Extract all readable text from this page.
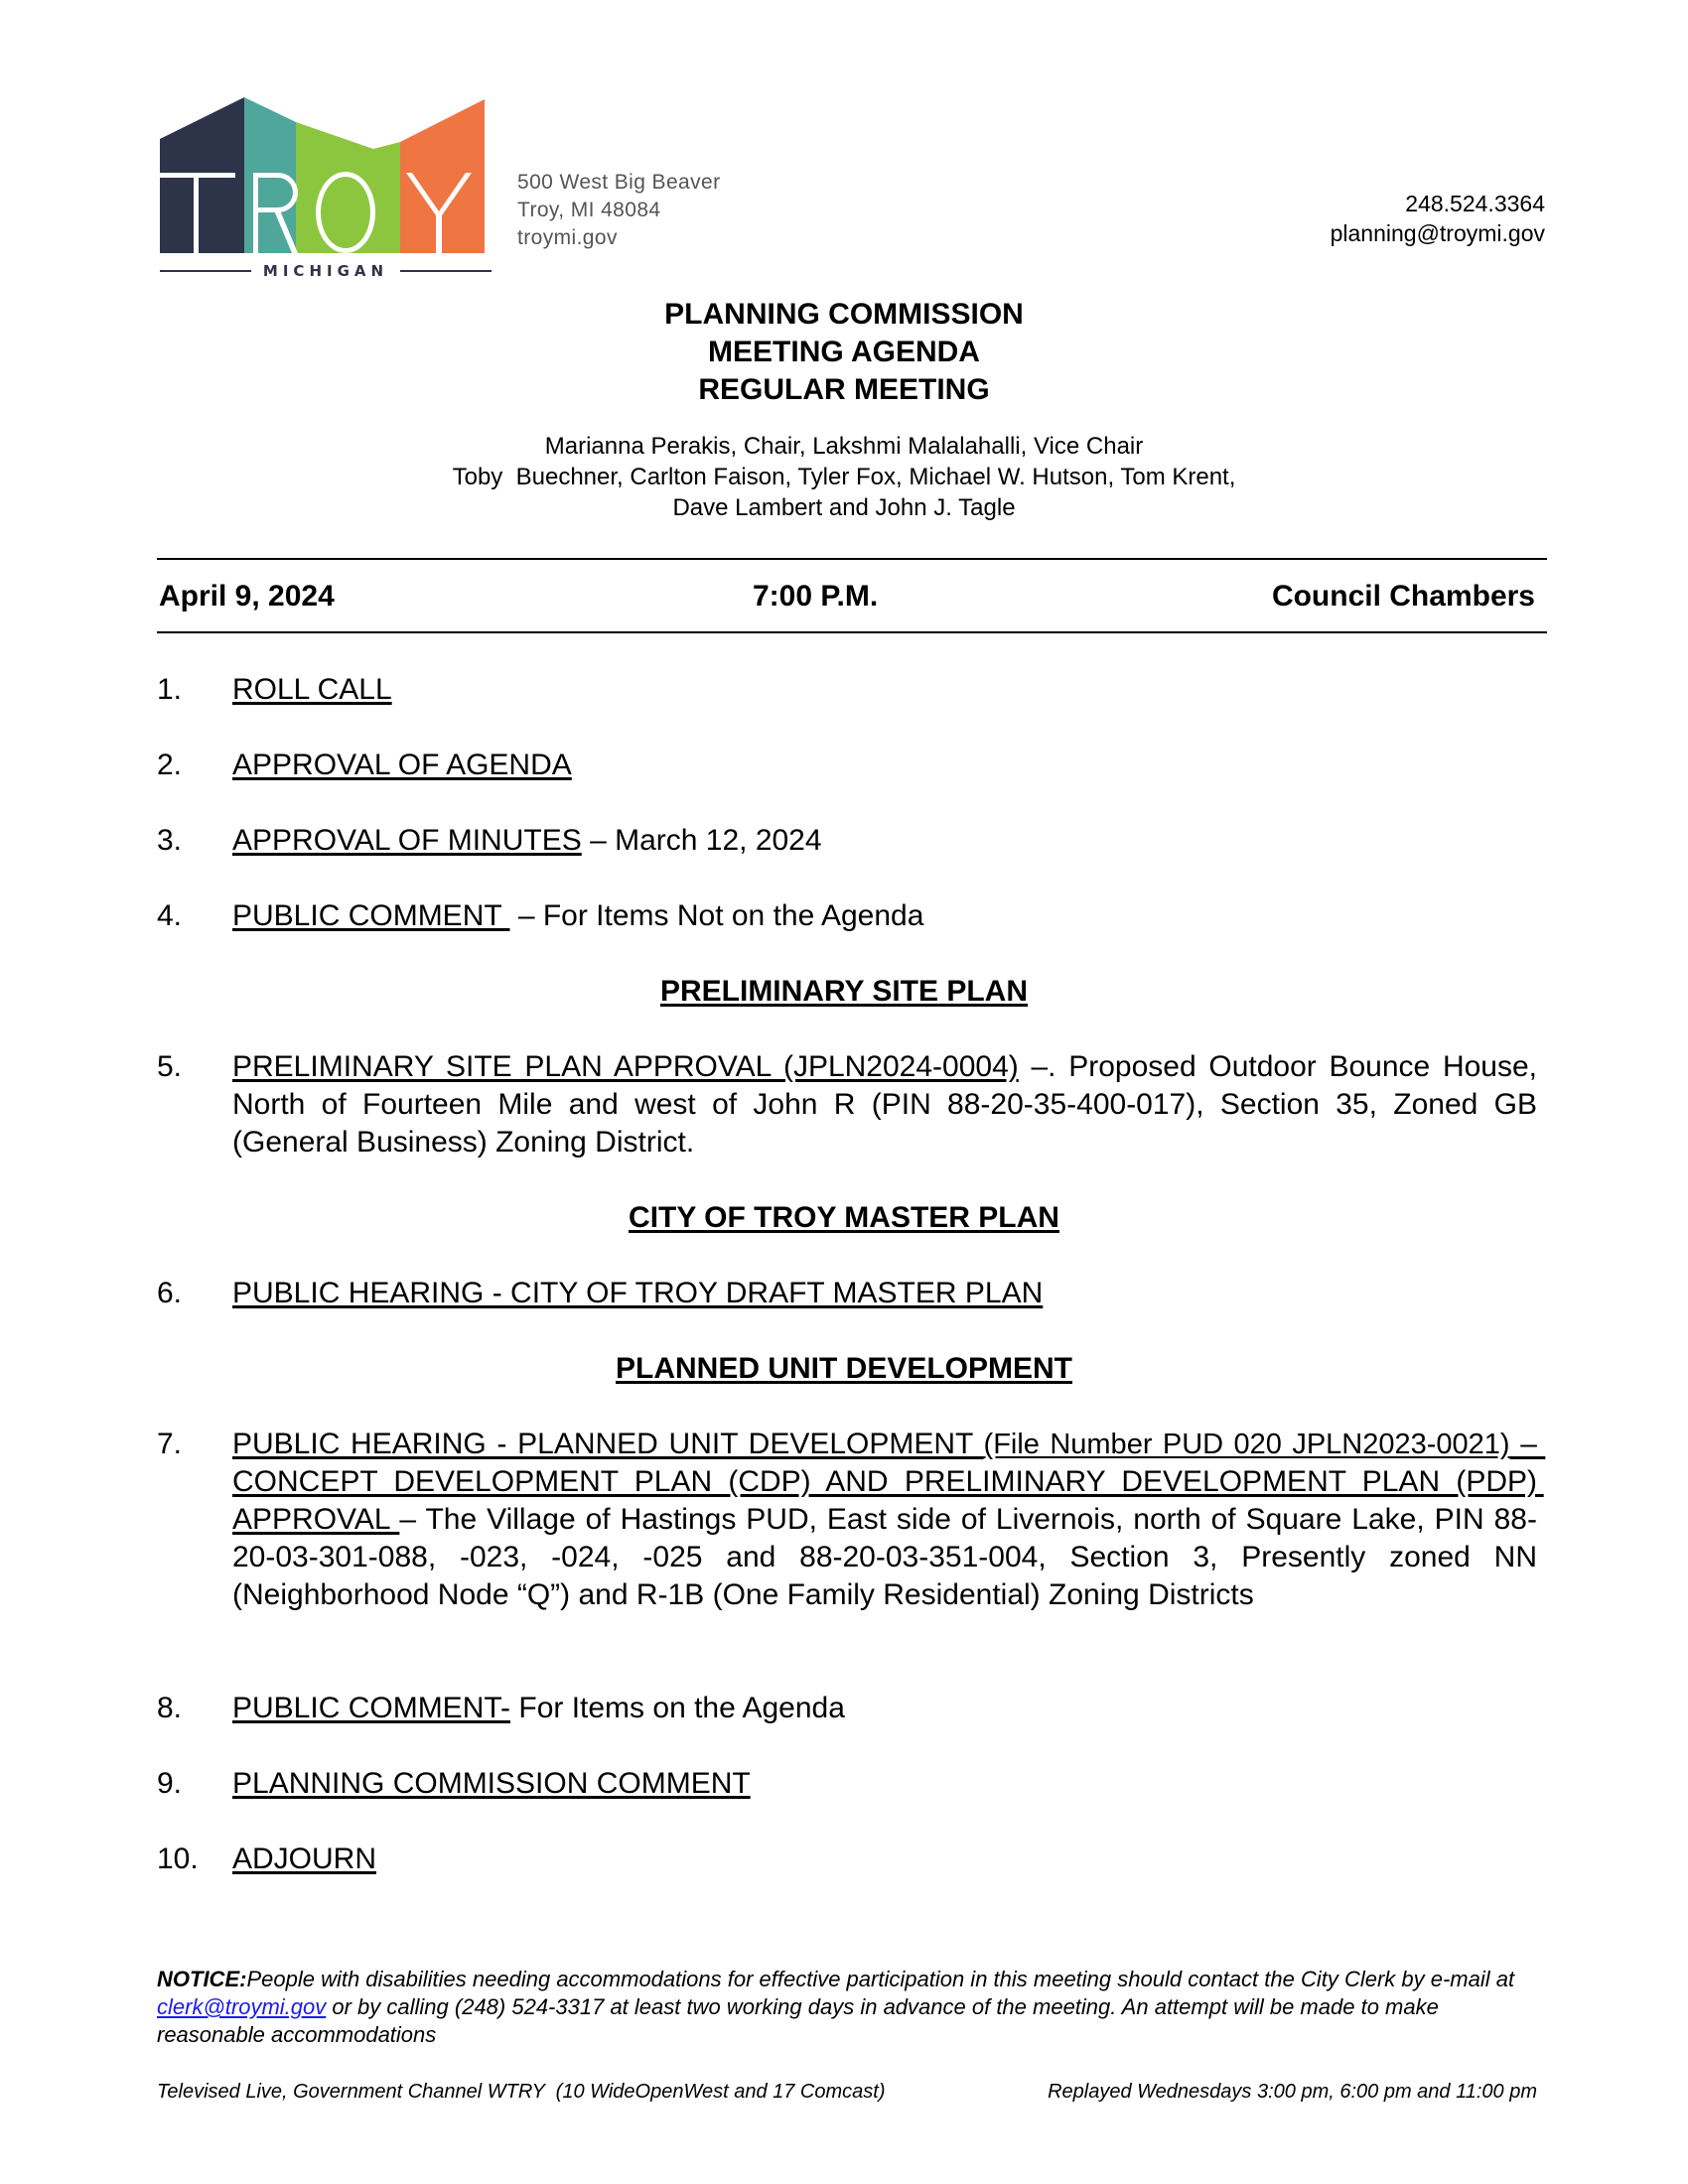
MICHIGAN
500 West Big Beaver
Troy, MI 48084
troymi.gov
248.524.3364
planning@troymi.gov
PLANNING COMMISSION
MEETING AGENDA
REGULAR MEETING
Marianna Perakis, Chair, Lakshmi Malalahalli, Vice Chair
Toby  Buechner, Carlton Faison, Tyler Fox, Michael W. Hutson, Tom Krent,
Dave Lambert and John J. Tagle
April 9, 2024	7:00 P.M.	Council Chambers
1. ROLL CALL
2. APPROVAL OF AGENDA
3. APPROVAL OF MINUTES – March 12, 2024
4. PUBLIC COMMENT  – For Items Not on the Agenda
PRELIMINARY SITE PLAN
5. PRELIMINARY SITE PLAN APPROVAL (JPLN2024-0004) –. Proposed Outdoor Bounce House, North of Fourteen Mile and west of John R (PIN 88-20-35-400-017), Section 35, Zoned GB (General Business) Zoning District.
CITY OF TROY MASTER PLAN
6. PUBLIC HEARING - CITY OF TROY DRAFT MASTER PLAN
PLANNED UNIT DEVELOPMENT
7. PUBLIC HEARING - PLANNED UNIT DEVELOPMENT (File Number PUD 020 JPLN2023-0021) – CONCEPT DEVELOPMENT PLAN (CDP) AND PRELIMINARY DEVELOPMENT PLAN (PDP) APPROVAL – The Village of Hastings PUD, East side of Livernois, north of Square Lake, PIN 88-20-03-301-088, -023, -024, -025 and 88-20-03-351-004, Section 3, Presently zoned NN (Neighborhood Node “Q”) and R-1B (One Family Residential) Zoning Districts
8. PUBLIC COMMENT- For Items on the Agenda
9. PLANNING COMMISSION COMMENT
10. ADJOURN
NOTICE:People with disabilities needing accommodations for effective participation in this meeting should contact the City Clerk by e-mail at clerk@troymi.gov or by calling (248) 524-3317 at least two working days in advance of the meeting. An attempt will be made to make reasonable accommodations
Televised Live, Government Channel WTRY  (10 WideOpenWest and 17 Comcast)	Replayed Wednesdays 3:00 pm, 6:00 pm and 11:00 pm
